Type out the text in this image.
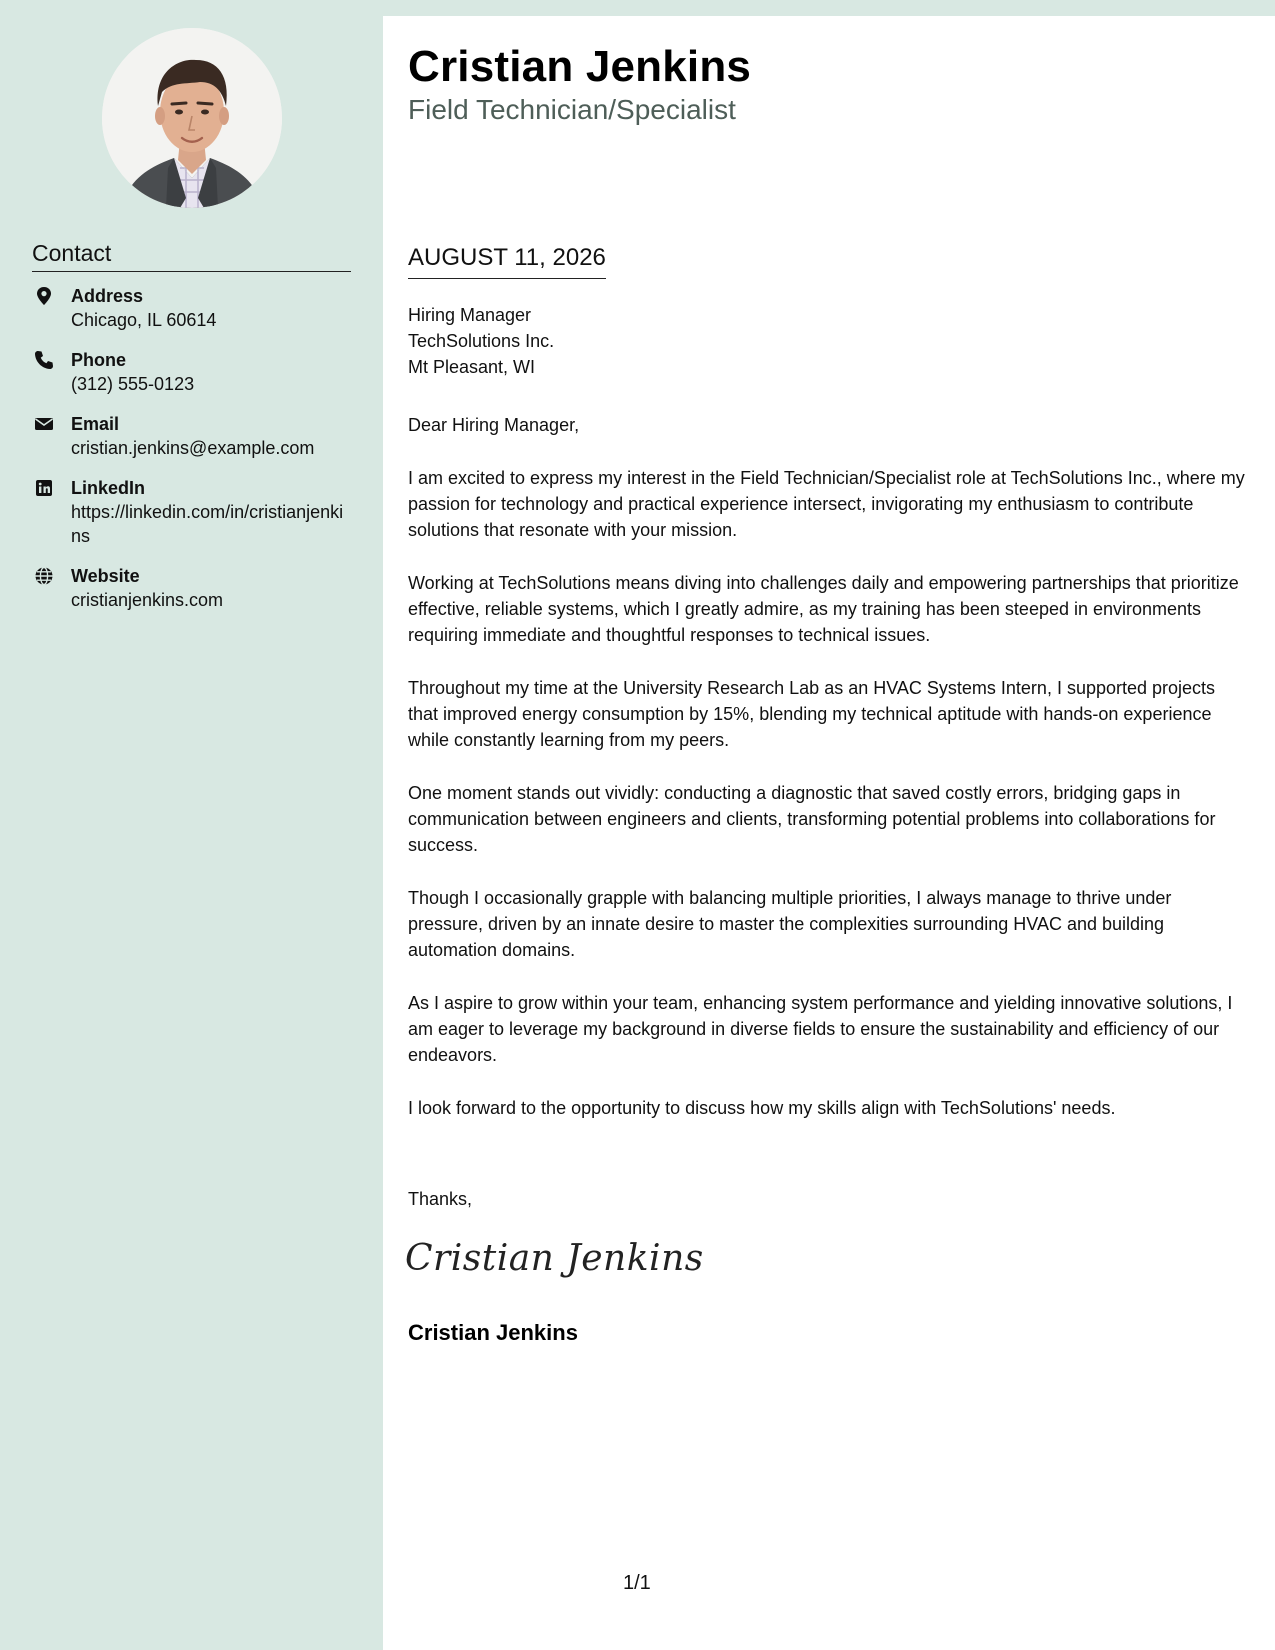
Contact
Address
Chicago, IL 60614
Phone
(312) 555-0123
Email
cristian.jenkins@example.com
LinkedIn
https://linkedin.com/in/cristianjenkins
Website
cristianjenkins.com
Cristian Jenkins
Field Technician/Specialist
AUGUST 11, 2026
Hiring Manager
TechSolutions Inc.
Mt Pleasant, WI

Dear Hiring Manager,

I am excited to express my interest in the Field Technician/Specialist role at TechSolutions Inc., where my passion for technology and practical experience intersect, invigorating my enthusiasm to contribute solutions that resonate with your mission.

Working at TechSolutions means diving into challenges daily and empowering partnerships that prioritize effective, reliable systems, which I greatly admire, as my training has been steeped in environments requiring immediate and thoughtful responses to technical issues.

Throughout my time at the University Research Lab as an HVAC Systems Intern, I supported projects that improved energy consumption by 15%, blending my technical aptitude with hands-on experience while constantly learning from my peers.

One moment stands out vividly: conducting a diagnostic that saved costly errors, bridging gaps in communication between engineers and clients, transforming potential problems into collaborations for success.

Though I occasionally grapple with balancing multiple priorities, I always manage to thrive under pressure, driven by an innate desire to master the complexities surrounding HVAC and building automation domains.

As I aspire to grow within your team, enhancing system performance and yielding innovative solutions, I am eager to leverage my background in diverse fields to ensure the sustainability and efficiency of our endeavors.

I look forward to the opportunity to discuss how my skills align with TechSolutions' needs.

Thanks,
Cristian Jenkins
Cristian Jenkins
1/1
